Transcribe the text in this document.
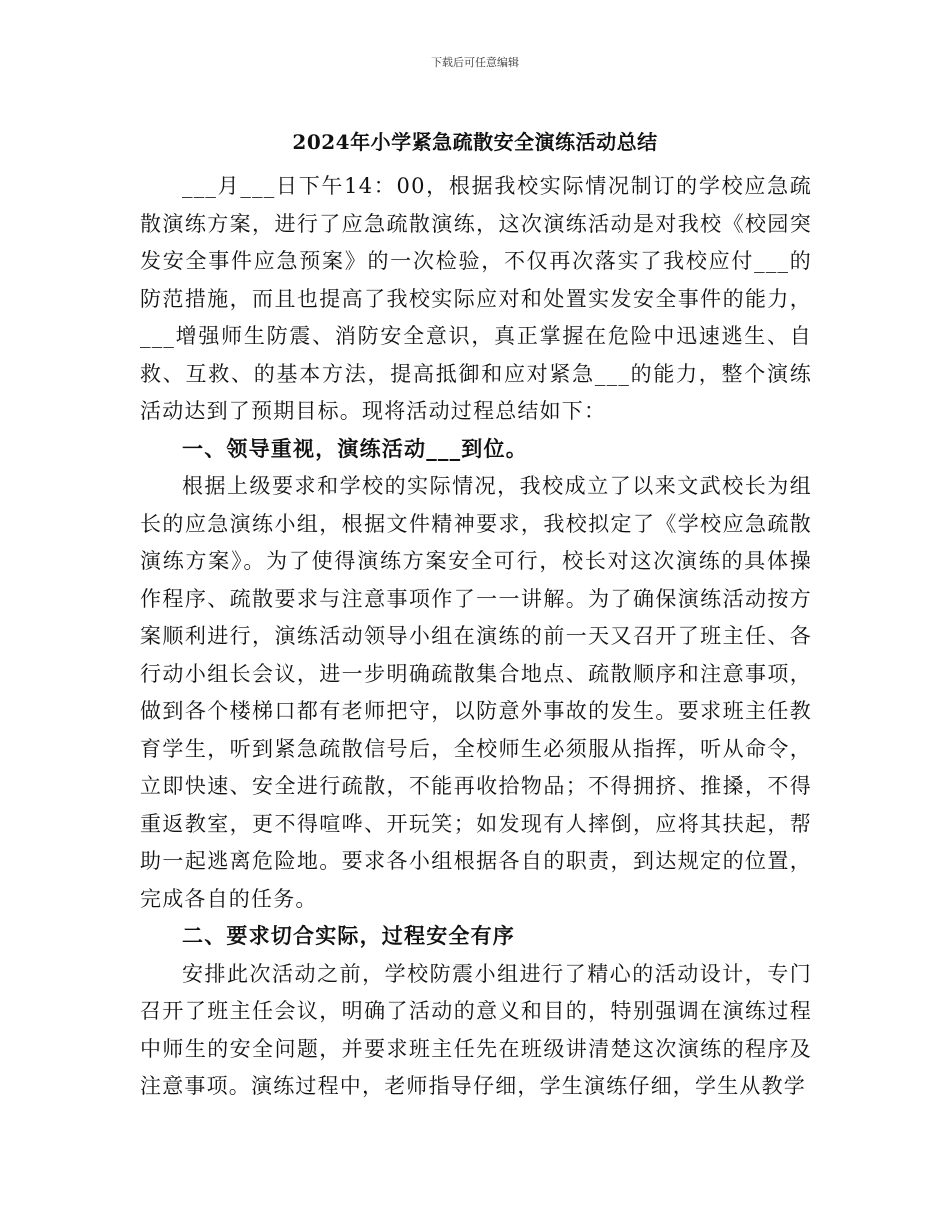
下载后可任意编辑
2024年小学紧急疏散安全演练活动总结

___月___日下午14：00，根据我校实际情况制订的学校应急疏散演练方案，进行了应急疏散演练，这次演练活动是对我校《校园突发安全事件应急预案》的一次检验，不仅再次落实了我校应付___的防范措施，而且也提高了我校实际应对和处置实发安全事件的能力，___增强师生防震、消防安全意识，真正掌握在危险中迅速逃生、自救、互救、的基本方法，提高抵御和应对紧急___的能力，整个演练活动达到了预期目标。现将活动过程总结如下：

一、领导重视，演练活动___到位。

根据上级要求和学校的实际情况，我校成立了以来文武校长为组长的应急演练小组，根据文件精神要求，我校拟定了《学校应急疏散演练方案》。为了使得演练方案安全可行，校长对这次演练的具体操作程序、疏散要求与注意事项作了一一讲解。为了确保演练活动按方案顺利进行，演练活动领导小组在演练的前一天又召开了班主任、各行动小组长会议，进一步明确疏散集合地点、疏散顺序和注意事项，做到各个楼梯口都有老师把守，以防意外事故的发生。要求班主任教育学生，听到紧急疏散信号后，全校师生必须服从指挥，听从命令，立即快速、安全进行疏散，不能再收拾物品；不得拥挤、推搡，不得重返教室，更不得喧哗、开玩笑；如发现有人摔倒，应将其扶起，帮助一起逃离危险地。要求各小组根据各自的职责，到达规定的位置，完成各自的任务。

二、要求切合实际，过程安全有序

安排此次活动之前，学校防震小组进行了精心的活动设计，专门召开了班主任会议，明确了活动的意义和目的，特别强调在演练过程中师生的安全问题，并要求班主任先在班级讲清楚这次演练的程序及注意事项。演练过程中，老师指导仔细，学生演练仔细，学生从教学
